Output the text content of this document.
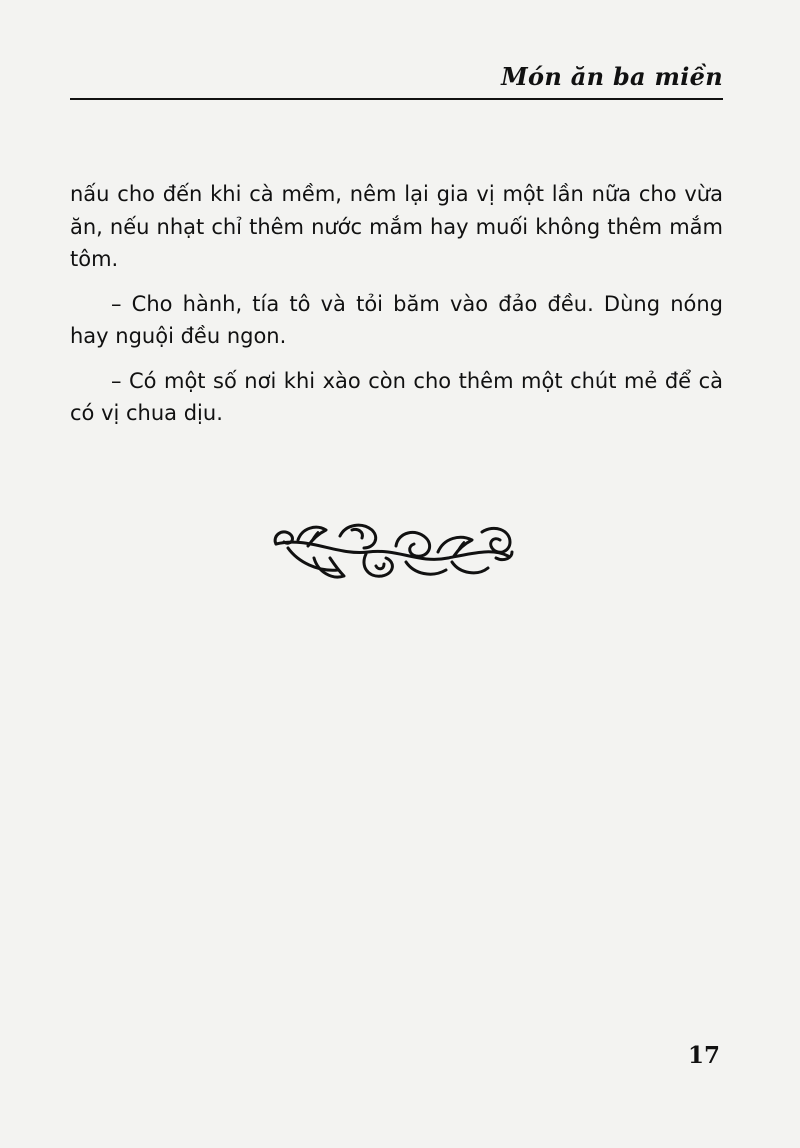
Món ăn ba miền

nấu cho đến khi cà mềm, nêm lại gia vị một lần nữa cho vừa ăn, nếu nhạt chỉ thêm nước mắm hay muối không thêm mắm tôm.

– Cho hành, tía tô và tỏi băm vào đảo đều. Dùng nóng hay nguội đều ngon.

– Có một số nơi khi xào còn cho thêm một chút mẻ để cà có vị chua dịu.

17
